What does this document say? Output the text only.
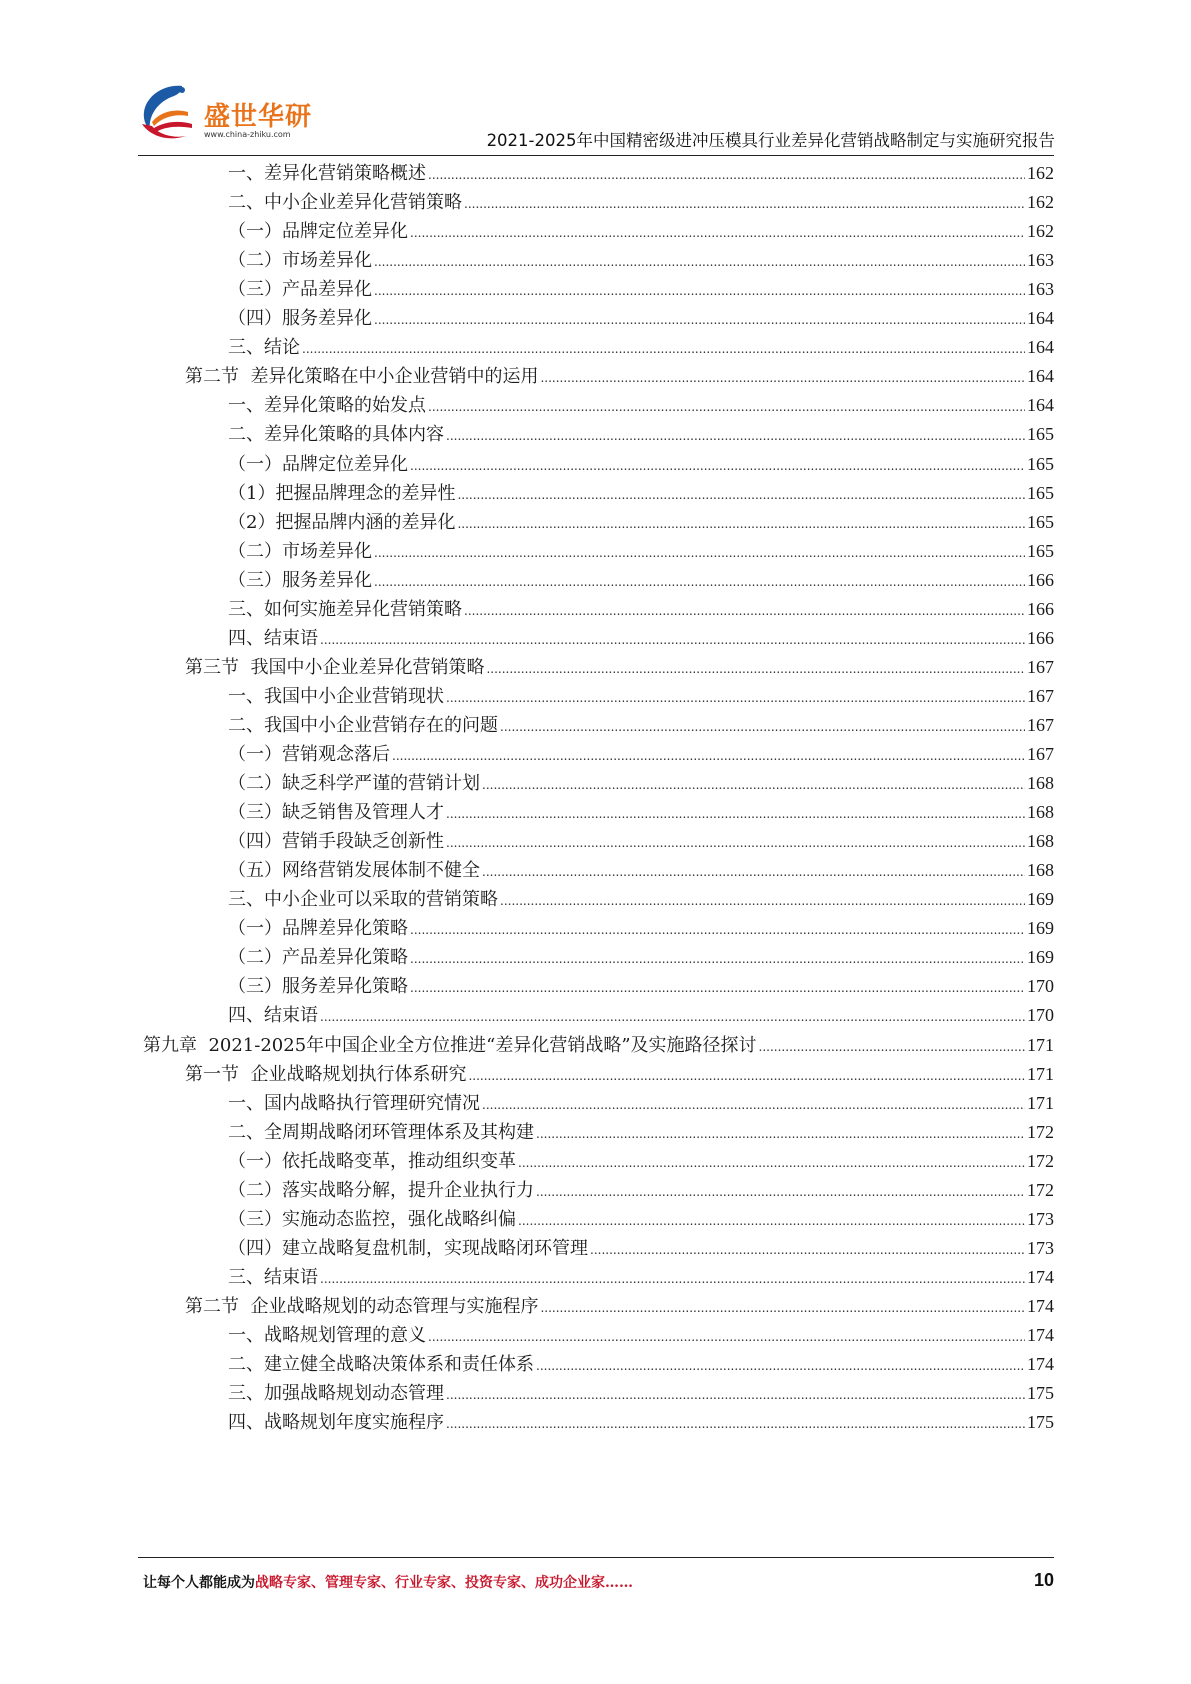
盛世华研
www.china-zhiku.com	2021-2025年中国精密级进冲压模具行业差异化营销战略制定与实施研究报告
一、差异化营销策略概述 .....	162
二、中小企业差异化营销策略 .....	162
（一）品牌定位差异化 .....	162
（二）市场差异化 .....	163
（三）产品差异化 .....	163
（四）服务差异化 .....	164
三、结论 .....	164
第二节  差异化策略在中小企业营销中的运用 .....	164
一、差异化策略的始发点 .....	164
二、差异化策略的具体内容 .....	165
（一）品牌定位差异化 .....	165
（1）把握品牌理念的差异性 .....	165
（2）把握品牌内涵的差异化 .....	165
（二）市场差异化 .....	165
（三）服务差异化 .....	166
三、如何实施差异化营销策略 .....	166
四、结束语 .....	166
第三节  我国中小企业差异化营销策略 .....	167
一、我国中小企业营销现状 .....	167
二、我国中小企业营销存在的问题 .....	167
（一）营销观念落后 .....	167
（二）缺乏科学严谨的营销计划 .....	168
（三）缺乏销售及管理人才 .....	168
（四）营销手段缺乏创新性 .....	168
（五）网络营销发展体制不健全 .....	168
三、中小企业可以采取的营销策略 .....	169
（一）品牌差异化策略 .....	169
（二）产品差异化策略 .....	169
（三）服务差异化策略 .....	170
四、结束语 .....	170
第九章  2021-2025年中国企业全方位推进“差异化营销战略”及实施路径探讨 .....	171
第一节  企业战略规划执行体系研究 .....	171
一、国内战略执行管理研究情况 .....	171
二、全周期战略闭环管理体系及其构建 .....	172
（一）依托战略变革，推动组织变革 .....	172
（二）落实战略分解，提升企业执行力 .....	172
（三）实施动态监控，强化战略纠偏 .....	173
（四）建立战略复盘机制，实现战略闭环管理 .....	173
三、结束语 .....	174
第二节  企业战略规划的动态管理与实施程序 .....	174
一、战略规划管理的意义 .....	174
二、建立健全战略决策体系和责任体系 .....	174
三、加强战略规划动态管理 .....	175
四、战略规划年度实施程序 .....	175
让每个人都能成为战略专家、管理专家、行业专家、投资专家、成功企业家……	10
